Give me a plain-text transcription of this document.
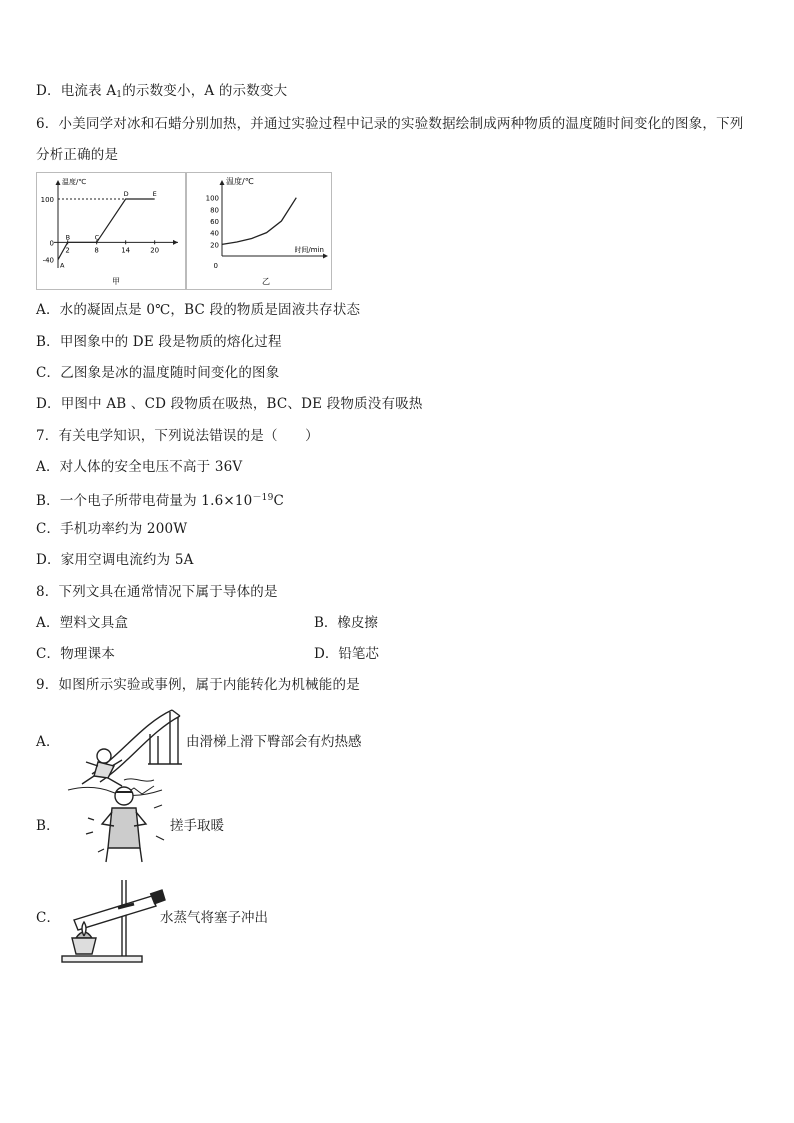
D．电流表 $A_1$的示数变小，A 的示数变大
6．小美同学对冰和石蜡分别加热，并通过实验过程中记录的实验数据绘制成两种物质的温度随时间变化的图象，下列
分析正确的是
温度/℃
100
0
-40
2	8	14	20
A
B	C
D	E
甲
温度/℃
时间/min
0
100
80
60
40
20
乙
A．水的凝固点是 0℃，BC 段的物质是固液共存状态
B．甲图象中的 DE 段是物质的熔化过程
C．乙图象是冰的温度随时间变化的图象
D．甲图中 AB 、CD 段物质在吸热，BC、DE 段物质没有吸热
7．有关电学知识，下列说法错误的是（　　）
A．对人体的安全电压不高于 36V
B．一个电子所带电荷量为 $1.6\times 10^{-19}C$
C．手机功率约为 200W
D．家用空调电流约为 5A
8．下列文具在通常情况下属于导体的是
A．塑料文具盒	B．橡皮擦
C．物理课本	D．铅笔芯
9．如图所示实验或事例，属于内能转化为机械能的是
A．	由滑梯上滑下臀部会有灼热感
B．	搓手取暖
C．	水蒸气将塞子冲出
